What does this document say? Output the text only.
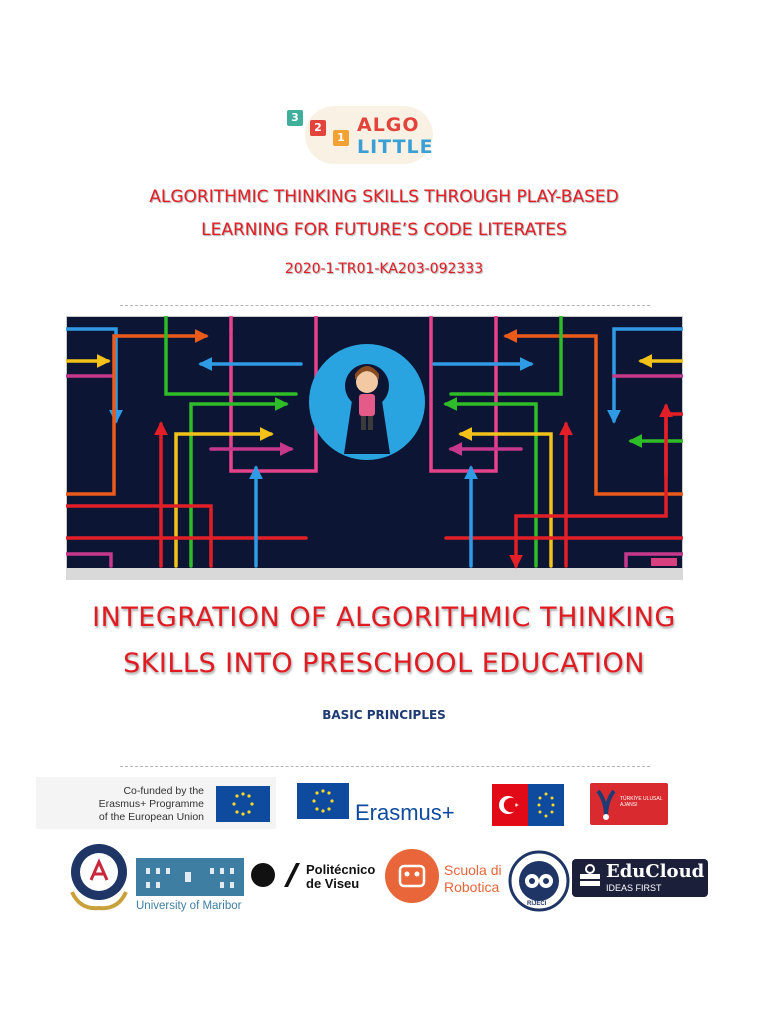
3
2
1
ALGO
LITTLE
ALGORITHMIC THINKING SKILLS THROUGH PLAY-BASED
LEARNING FOR FUTURE’S CODE LITERATES
2020-1-TR01-KA203-092333
INTEGRATION OF ALGORITHMIC THINKING
SKILLS INTO PRESCHOOL EDUCATION
BASIC PRINCIPLES
Co-funded by the
Erasmus+ Programme
of the European Union	Erasmus+
TÜRKİYE ULUSAL AJANSI
University of Maribor
Politécnico
de Viseu
Scuola di
Robotica
RIJECI
EduCloud
IDEAS FIRST
